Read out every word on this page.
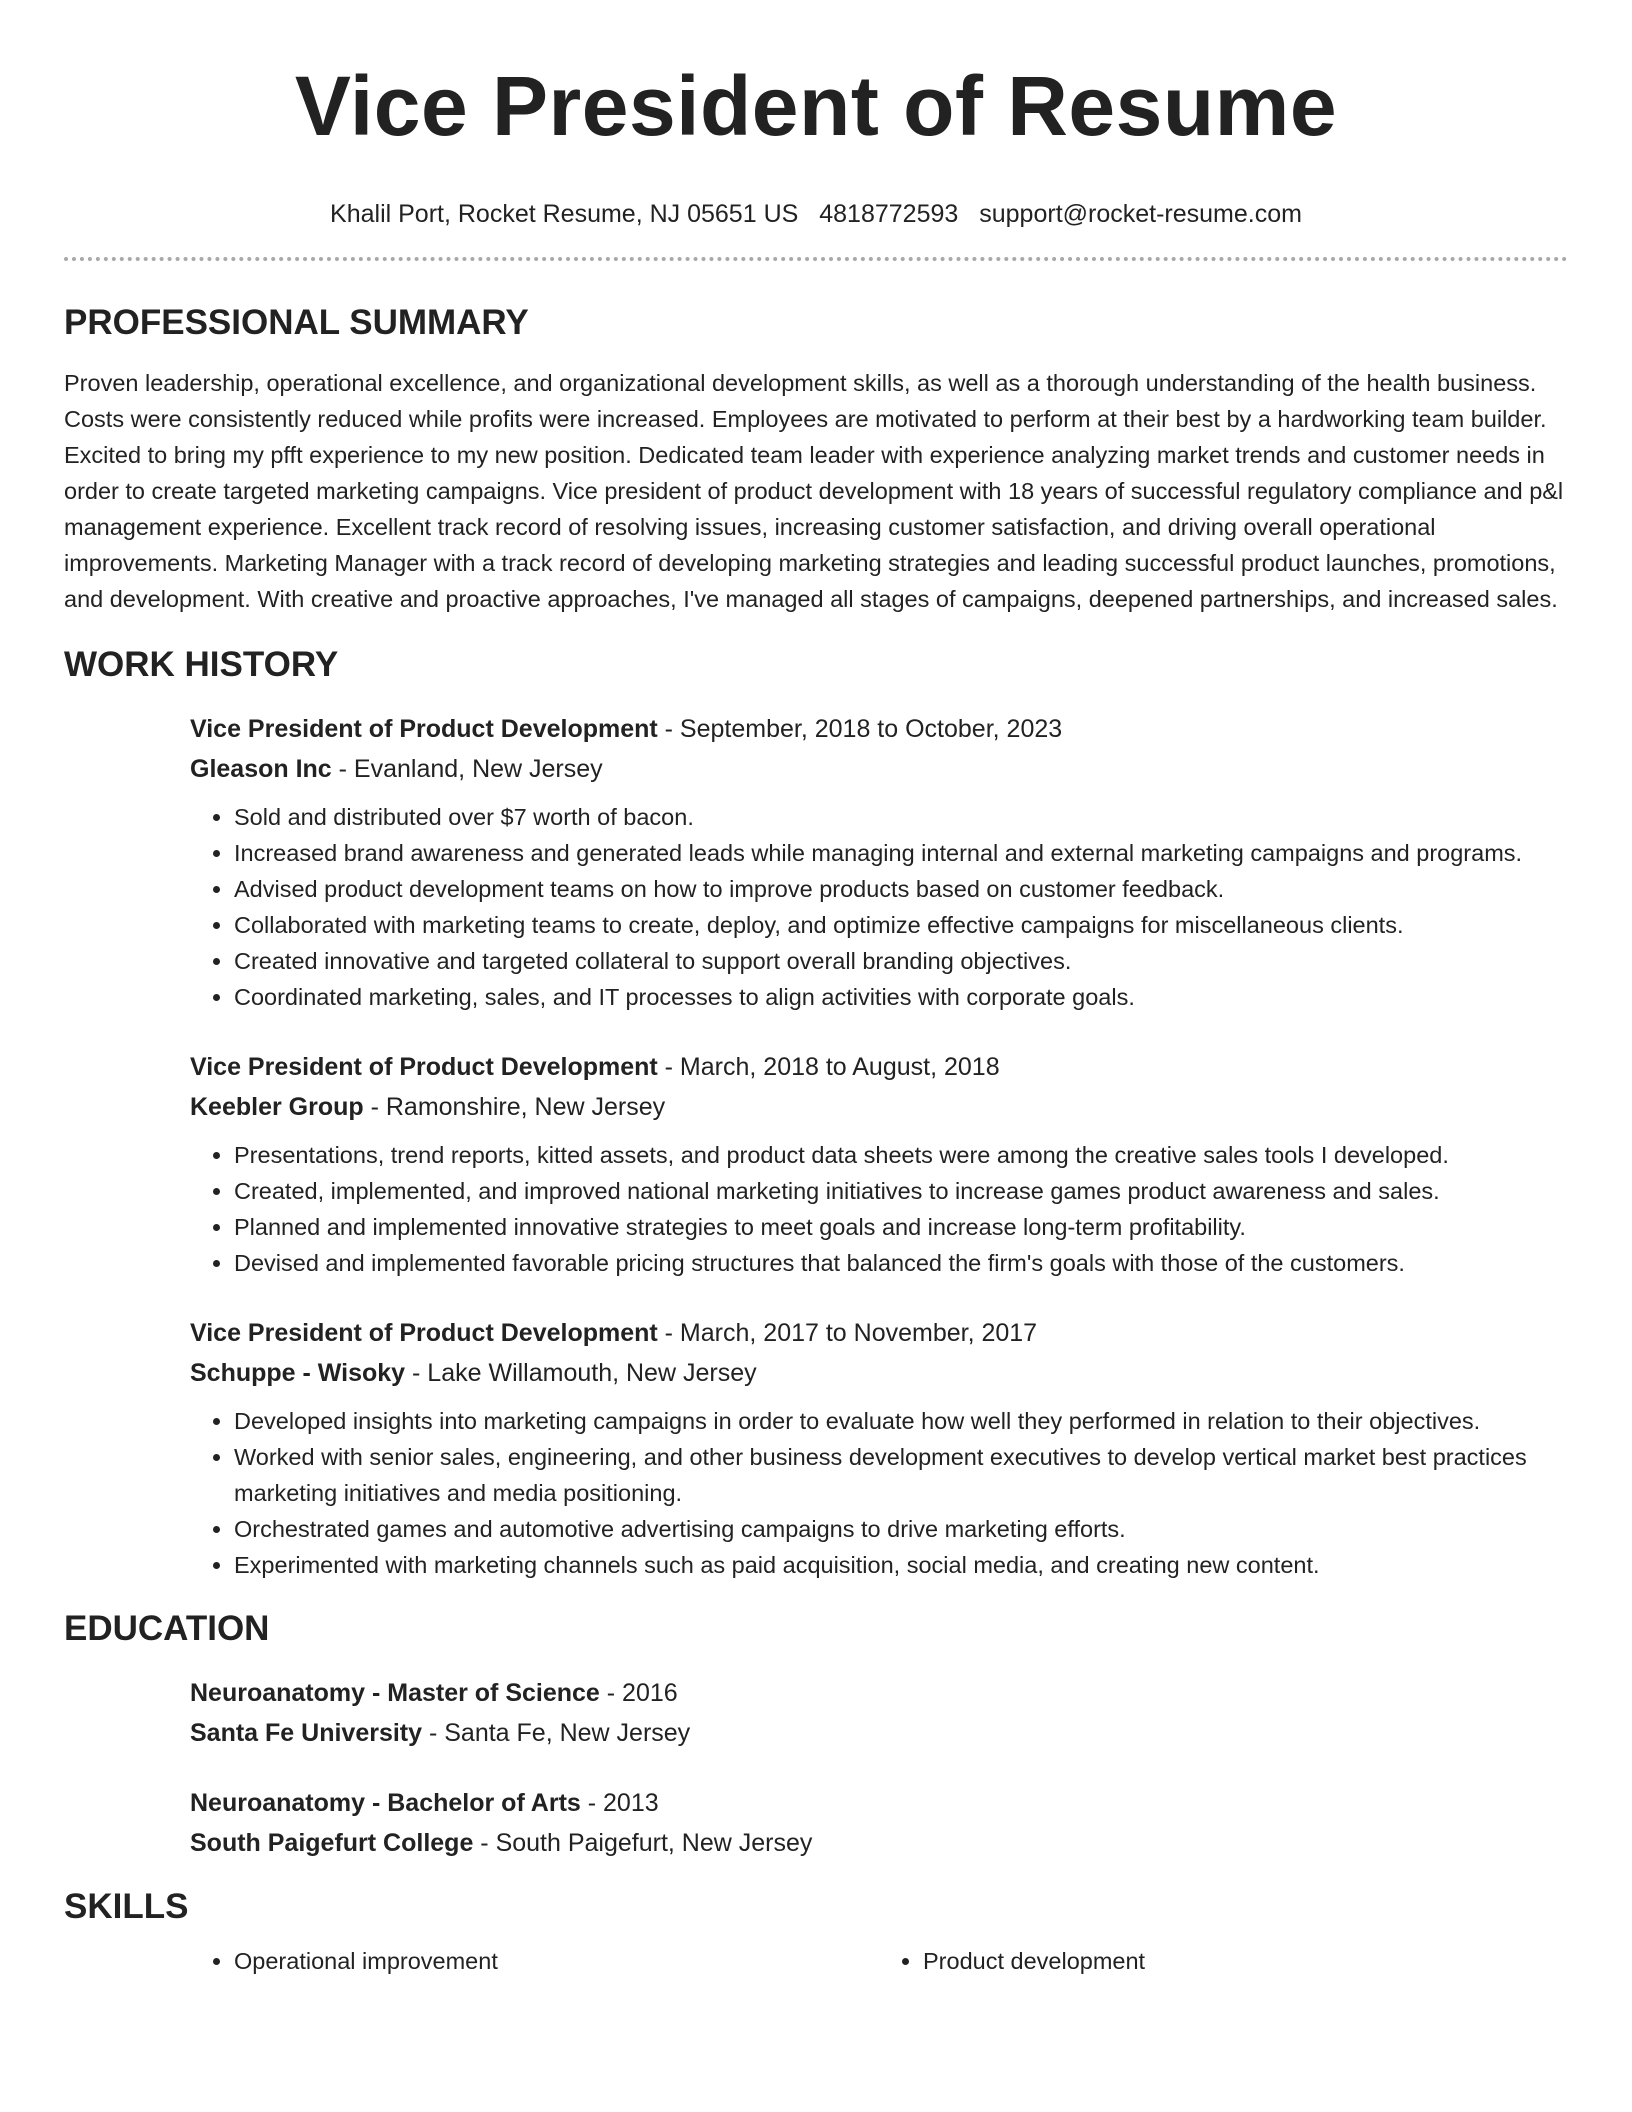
Vice President of Resume
Khalil Port, Rocket Resume, NJ 05651 US 4818772593 support@rocket-resume.com
PROFESSIONAL SUMMARY

Proven leadership, operational excellence, and organizational development skills, as well as a thorough understanding of the health business. Costs were consistently reduced while profits were increased. Employees are motivated to perform at their best by a hardworking team builder. Excited to bring my pfft experience to my new position. Dedicated team leader with experience analyzing market trends and customer needs in order to create targeted marketing campaigns. Vice president of product development with 18 years of successful regulatory compliance and p&l management experience. Excellent track record of resolving issues, increasing customer satisfaction, and driving overall operational improvements. Marketing Manager with a track record of developing marketing strategies and leading successful product launches, promotions, and development. With creative and proactive approaches, I've managed all stages of campaigns, deepened partnerships, and increased sales.

WORK HISTORY
Vice President of Product Development - September, 2018 to October, 2023
Gleason Inc - Evanland, New Jersey
• Sold and distributed over $7 worth of bacon.
• Increased brand awareness and generated leads while managing internal and external marketing campaigns and programs.
• Advised product development teams on how to improve products based on customer feedback.
• Collaborated with marketing teams to create, deploy, and optimize effective campaigns for miscellaneous clients.
• Created innovative and targeted collateral to support overall branding objectives.
• Coordinated marketing, sales, and IT processes to align activities with corporate goals.
Vice President of Product Development - March, 2018 to August, 2018
Keebler Group - Ramonshire, New Jersey
• Presentations, trend reports, kitted assets, and product data sheets were among the creative sales tools I developed.
• Created, implemented, and improved national marketing initiatives to increase games product awareness and sales.
• Planned and implemented innovative strategies to meet goals and increase long-term profitability.
• Devised and implemented favorable pricing structures that balanced the firm's goals with those of the customers.
Vice President of Product Development - March, 2017 to November, 2017
Schuppe - Wisoky - Lake Willamouth, New Jersey
• Developed insights into marketing campaigns in order to evaluate how well they performed in relation to their objectives.
• Worked with senior sales, engineering, and other business development executives to develop vertical market best practices marketing initiatives and media positioning.
• Orchestrated games and automotive advertising campaigns to drive marketing efforts.
• Experimented with marketing channels such as paid acquisition, social media, and creating new content.
EDUCATION
Neuroanatomy - Master of Science - 2016
Santa Fe University - Santa Fe, New Jersey
Neuroanatomy - Bachelor of Arts - 2013
South Paigefurt College - South Paigefurt, New Jersey
SKILLS
• Operational improvement
•	Product development
